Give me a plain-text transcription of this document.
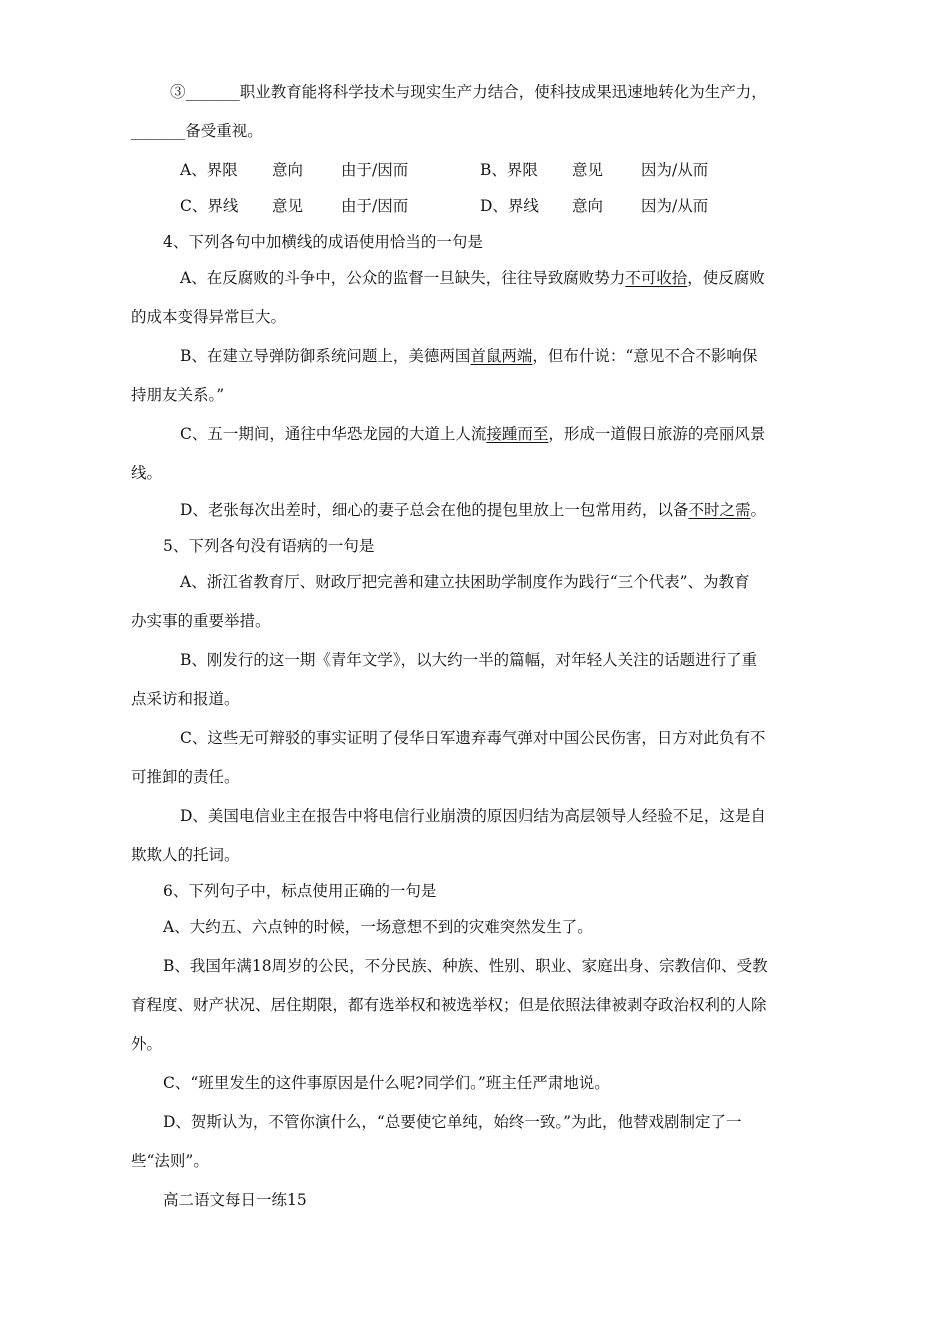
③_______职业教育能将科学技术与现实生产力结合，使科技成果迅速地转化为生产力，
_______备受重视。
A、界限 意向 由于/因而	B、界限 意见 因为/从而
C、界线 意见 由于/因而	D、界线 意向 因为/从而
4、下列各句中加横线的成语使用恰当的一句是
A、在反腐败的斗争中，公众的监督一旦缺失，往往导致腐败势力不可收拾，使反腐败
的成本变得异常巨大。
B、在建立导弹防御系统问题上，美德两国首鼠两端，但布什说：“意见不合不影响保
持朋友关系。”
C、五一期间，通往中华恐龙园的大道上人流接踵而至，形成一道假日旅游的亮丽风景
线。
D、老张每次出差时，细心的妻子总会在他的提包里放上一包常用药，以备不时之需。
5、下列各句没有语病的一句是
A、浙江省教育厅、财政厅把完善和建立扶困助学制度作为践行“三个代表”、为教育
办实事的重要举措。
B、刚发行的这一期《青年文学》，以大约一半的篇幅，对年轻人关注的话题进行了重
点采访和报道。
C、这些无可辩驳的事实证明了侵华日军遗弃毒气弹对中国公民伤害，日方对此负有不
可推卸的责任。
D、美国电信业主在报告中将电信行业崩溃的原因归结为高层领导人经验不足，这是自
欺欺人的托词。
6、下列句子中，标点使用正确的一句是
A、大约五、六点钟的时候，一场意想不到的灾难突然发生了。
B、我国年满18周岁的公民，不分民族、种族、性别、职业、家庭出身、宗教信仰、受教
育程度、财产状况、居住期限，都有选举权和被选举权；但是依照法律被剥夺政治权利的人除
外。
C、“班里发生的这件事原因是什么呢?同学们。”班主任严肃地说。
D、贺斯认为，不管你演什么，“总要使它单纯，始终一致。”为此，他替戏剧制定了一
些“法则”。
高二语文每日一练15
